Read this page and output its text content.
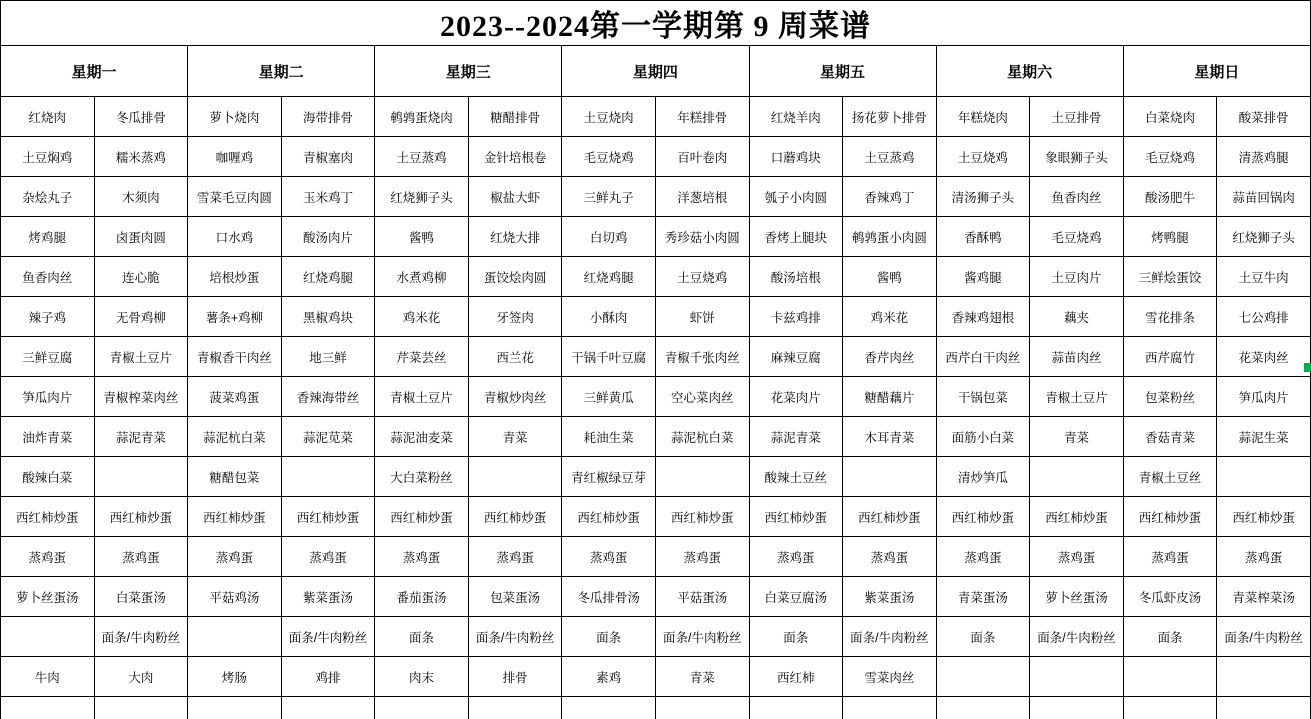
2023--2024第一学期第 9 周菜谱													
星期一		星期二		星期三		星期四		星期五		星期六		星期日	
红烧肉	冬瓜排骨	萝卜烧肉	海带排骨	鹌鹑蛋烧肉	糖醋排骨	土豆烧肉	年糕排骨	红烧羊肉	扬花萝卜排骨	年糕烧肉	土豆排骨	白菜烧肉	酸菜排骨
土豆焖鸡	糯米蒸鸡	咖喱鸡	青椒塞肉	土豆蒸鸡	金针培根卷	毛豆烧鸡	百叶卷肉	口蘑鸡块	土豆蒸鸡	土豆烧鸡	象眼狮子头	毛豆烧鸡	清蒸鸡腿
杂烩丸子	木须肉	雪菜毛豆肉圆	玉米鸡丁	红烧狮子头	椒盐大虾	三鲜丸子	洋葱培根	瓠子小肉圆	香辣鸡丁	清汤狮子头	鱼香肉丝	酸汤肥牛	蒜苗回锅肉
烤鸡腿	卤蛋肉圆	口水鸡	酸汤肉片	酱鸭	红烧大排	白切鸡	秀珍菇小肉圆	香烤上腿块	鹌鹑蛋小肉圆	香酥鸭	毛豆烧鸡	烤鸭腿	红烧狮子头
鱼香肉丝	连心脆	培根炒蛋	红烧鸡腿	水煮鸡柳	蛋饺烩肉圆	红烧鸡腿	土豆烧鸡	酸汤培根	酱鸭	酱鸡腿	土豆肉片	三鲜烩蛋饺	土豆牛肉
辣子鸡	无骨鸡柳	薯条+鸡柳	黑椒鸡块	鸡米花	牙签肉	小酥肉	虾饼	卡兹鸡排	鸡米花	香辣鸡翅根	藕夹	雪花排条	七公鸡排
三鲜豆腐	青椒土豆片	青椒香干肉丝	地三鲜	芹菜芸丝	西兰花	干锅千叶豆腐	青椒千张肉丝	麻辣豆腐	香芹肉丝	西芹白干肉丝	蒜苗肉丝	西芹腐竹	花菜肉丝
笋瓜肉片	青椒榨菜肉丝	菠菜鸡蛋	香辣海带丝	青椒土豆片	青椒炒肉丝	三鲜黄瓜	空心菜肉丝	花菜肉片	糖醋藕片	干锅包菜	青椒土豆片	包菜粉丝	笋瓜肉片
油炸青菜	蒜泥青菜	蒜泥杭白菜	蒜泥苋菜	蒜泥油麦菜	青菜	耗油生菜	蒜泥杭白菜	蒜泥青菜	木耳青菜	面筋小白菜	青菜	香菇青菜	蒜泥生菜
酸辣白菜		糖醋包菜		大白菜粉丝		青红椒绿豆芽		酸辣土豆丝		清炒笋瓜		青椒土豆丝	
西红柿炒蛋	西红柿炒蛋	西红柿炒蛋	西红柿炒蛋	西红柿炒蛋	西红柿炒蛋	西红柿炒蛋	西红柿炒蛋	西红柿炒蛋	西红柿炒蛋	西红柿炒蛋	西红柿炒蛋	西红柿炒蛋	西红柿炒蛋
蒸鸡蛋	蒸鸡蛋	蒸鸡蛋	蒸鸡蛋	蒸鸡蛋	蒸鸡蛋	蒸鸡蛋	蒸鸡蛋	蒸鸡蛋	蒸鸡蛋	蒸鸡蛋	蒸鸡蛋	蒸鸡蛋	蒸鸡蛋
萝卜丝蛋汤	白菜蛋汤	平菇鸡汤	紫菜蛋汤	番茄蛋汤	包菜蛋汤	冬瓜排骨汤	平菇蛋汤	白菜豆腐汤	紫菜蛋汤	青菜蛋汤	萝卜丝蛋汤	冬瓜虾皮汤	青菜榨菜汤
	面条/牛肉粉丝		面条/牛肉粉丝	面条	面条/牛肉粉丝	面条	面条/牛肉粉丝	面条	面条/牛肉粉丝	面条	面条/牛肉粉丝	面条	面条/牛肉粉丝
牛肉	大肉	烤肠	鸡排	肉末	排骨	素鸡	青菜	西红柿	雪菜肉丝				
